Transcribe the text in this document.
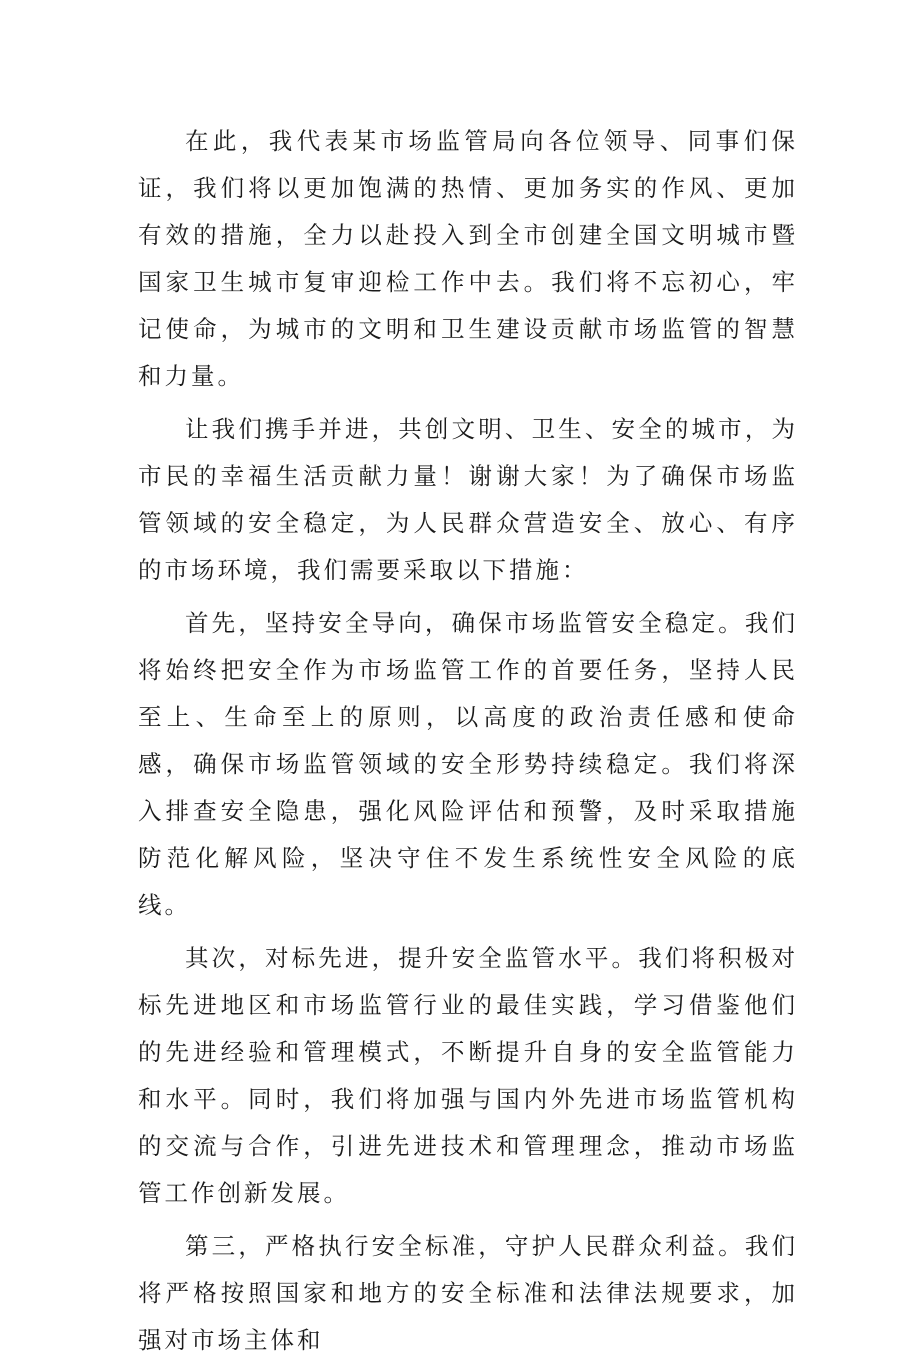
在此，我代表某市场监管局向各位领导、同事们保证，我们将以更加饱满的热情、更加务实的作风、更加有效的措施，全力以赴投入到全市创建全国文明城市暨国家卫生城市复审迎检工作中去。我们将不忘初心，牢记使命，为城市的文明和卫生建设贡献市场监管的智慧和力量。

让我们携手并进，共创文明、卫生、安全的城市，为市民的幸福生活贡献力量！谢谢大家！为了确保市场监管领域的安全稳定，为人民群众营造安全、放心、有序的市场环境，我们需要采取以下措施：

首先，坚持安全导向，确保市场监管安全稳定。我们将始终把安全作为市场监管工作的首要任务，坚持人民至上、生命至上的原则，以高度的政治责任感和使命感，确保市场监管领域的安全形势持续稳定。我们将深入排查安全隐患，强化风险评估和预警，及时采取措施防范化解风险，坚决守住不发生系统性安全风险的底线。

其次，对标先进，提升安全监管水平。我们将积极对标先进地区和市场监管行业的最佳实践，学习借鉴他们的先进经验和管理模式，不断提升自身的安全监管能力和水平。同时，我们将加强与国内外先进市场监管机构的交流与合作，引进先进技术和管理理念，推动市场监管工作创新发展。

第三，严格执行安全标准，守护人民群众利益。我们将严格按照国家和地方的安全标准和法律法规要求，加强对市场主体和
